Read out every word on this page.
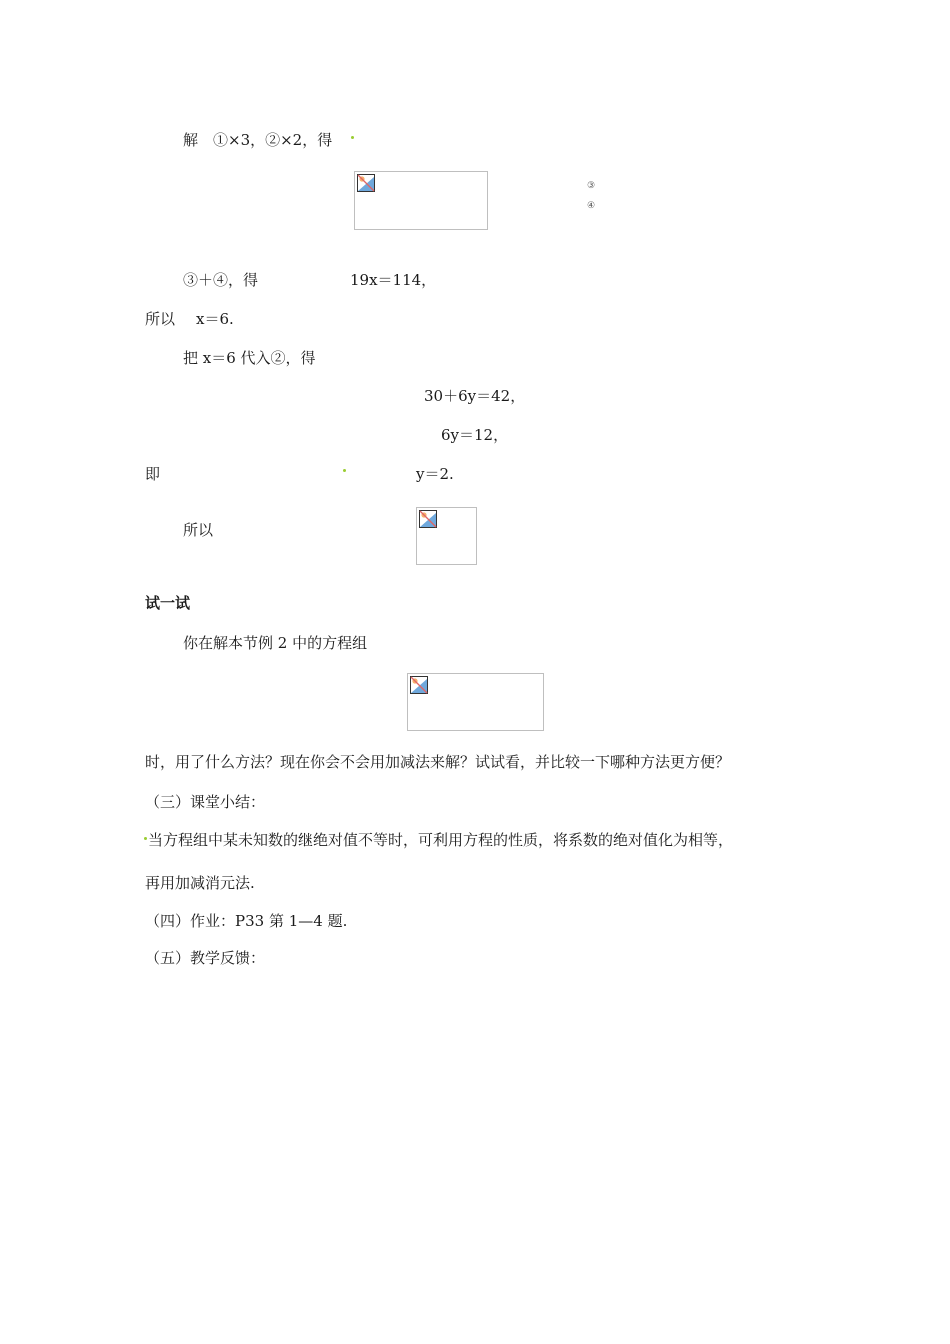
解　①×3，②×2，得
③
④
③＋④，得	19x＝114，
所以 x＝6.
把 x＝6 代入②，得
30＋6y＝42，
6y＝12，
即	y＝2.
所以
试一试
你在解本节例 2 中的方程组
时，用了什么方法？现在你会不会用加减法来解？试试看，并比较一下哪种方法更方便？
（三）课堂小结：
当方程组中某未知数的继绝对值不等时，可利用方程的性质，将系数的绝对值化为相等，
再用加减消元法.
（四）作业：P33 第 1—4 题.
（五）教学反馈：
